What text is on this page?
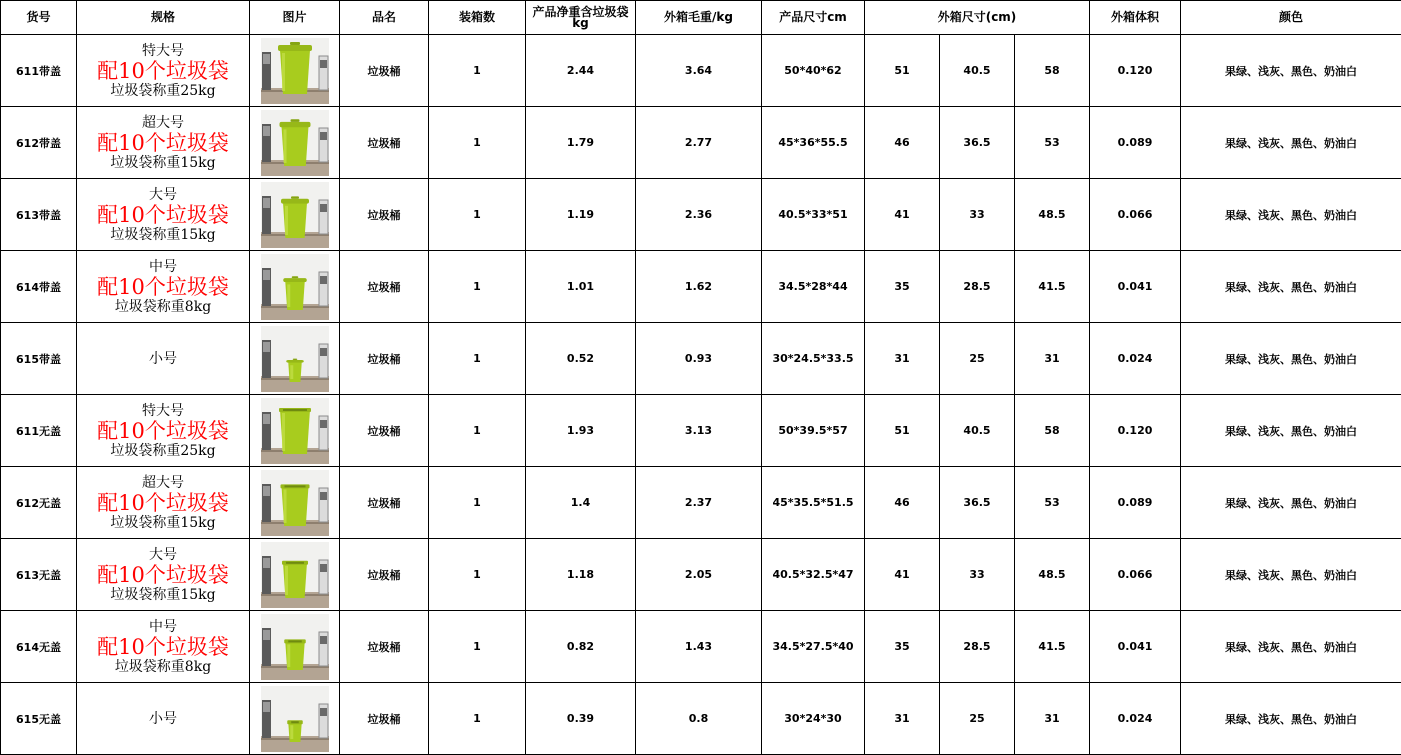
货号	规格	图片	品名	装箱数	产品净重含垃圾袋
kg	外箱毛重/kg	产品尺寸cm	外箱尺寸(cm)			外箱体积	颜色
611带盖	特大号
配10个垃圾袋
垃圾袋称重25kg		垃圾桶	1	2.44	3.64	50*40*62	51	40.5	58	0.120	果绿、浅灰、黑色、奶油白
612带盖	超大号
配10个垃圾袋
垃圾袋称重15kg		垃圾桶	1	1.79	2.77	45*36*55.5	46	36.5	53	0.089	果绿、浅灰、黑色、奶油白
613带盖	大号
配10个垃圾袋
垃圾袋称重15kg		垃圾桶	1	1.19	2.36	40.5*33*51	41	33	48.5	0.066	果绿、浅灰、黑色、奶油白
614带盖	中号
配10个垃圾袋
垃圾袋称重8kg		垃圾桶	1	1.01	1.62	34.5*28*44	35	28.5	41.5	0.041	果绿、浅灰、黑色、奶油白
615带盖	小号		垃圾桶	1	0.52	0.93	30*24.5*33.5	31	25	31	0.024	果绿、浅灰、黑色、奶油白
611无盖	特大号
配10个垃圾袋
垃圾袋称重25kg		垃圾桶	1	1.93	3.13	50*39.5*57	51	40.5	58	0.120	果绿、浅灰、黑色、奶油白
612无盖	超大号
配10个垃圾袋
垃圾袋称重15kg		垃圾桶	1	1.4	2.37	45*35.5*51.5	46	36.5	53	0.089	果绿、浅灰、黑色、奶油白
613无盖	大号
配10个垃圾袋
垃圾袋称重15kg		垃圾桶	1	1.18	2.05	40.5*32.5*47	41	33	48.5	0.066	果绿、浅灰、黑色、奶油白
614无盖	中号
配10个垃圾袋
垃圾袋称重8kg		垃圾桶	1	0.82	1.43	34.5*27.5*40	35	28.5	41.5	0.041	果绿、浅灰、黑色、奶油白
615无盖	小号		垃圾桶	1	0.39	0.8	30*24*30	31	25	31	0.024	果绿、浅灰、黑色、奶油白
